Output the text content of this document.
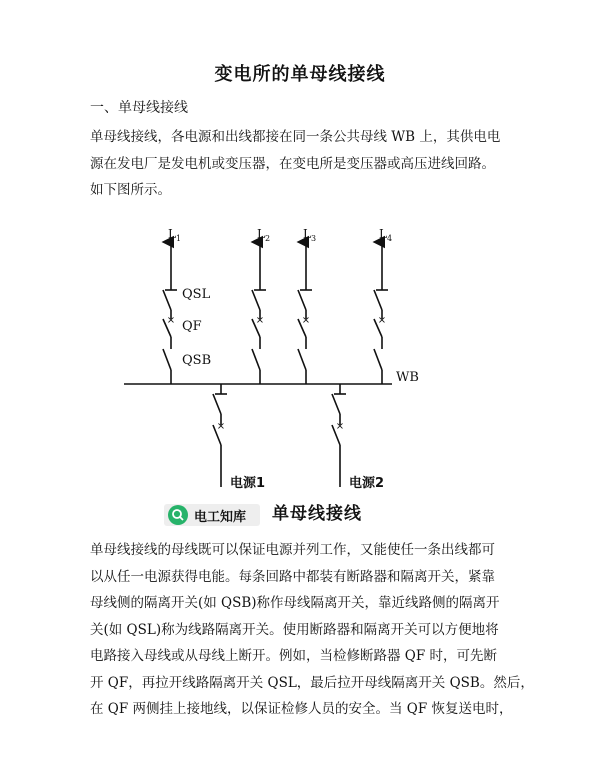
变电所的单母线接线
一、单母线接线

单母线接线，各电源和出线都接在同一条公共母线 WB 上，其供电电
源在发电厂是发电机或变压器，在变电所是变压器或高压进线回路。
如下图所示。

×	×	×	×
×	×
$L_1$	$L_2$	$L_3$	$L_4$
QSL
QF
QSB
WB
电源1	电源2
电工知库 单母线接线

单母线接线的母线既可以保证电源并列工作，又能使任一条出线都可
以从任一电源获得电能。每条回路中都装有断路器和隔离开关，紧靠
母线侧的隔离开关(如 QSB)称作母线隔离开关，靠近线路侧的隔离开
关(如 QSL)称为线路隔离开关。使用断路器和隔离开关可以方便地将
电路接入母线或从母线上断开。例如，当检修断路器 QF 时，可先断
开 QF，再拉开线路隔离开关 QSL，最后拉开母线隔离开关 QSB。然后，
在 QF 两侧挂上接地线，以保证检修人员的安全。当 QF 恢复送电时，
